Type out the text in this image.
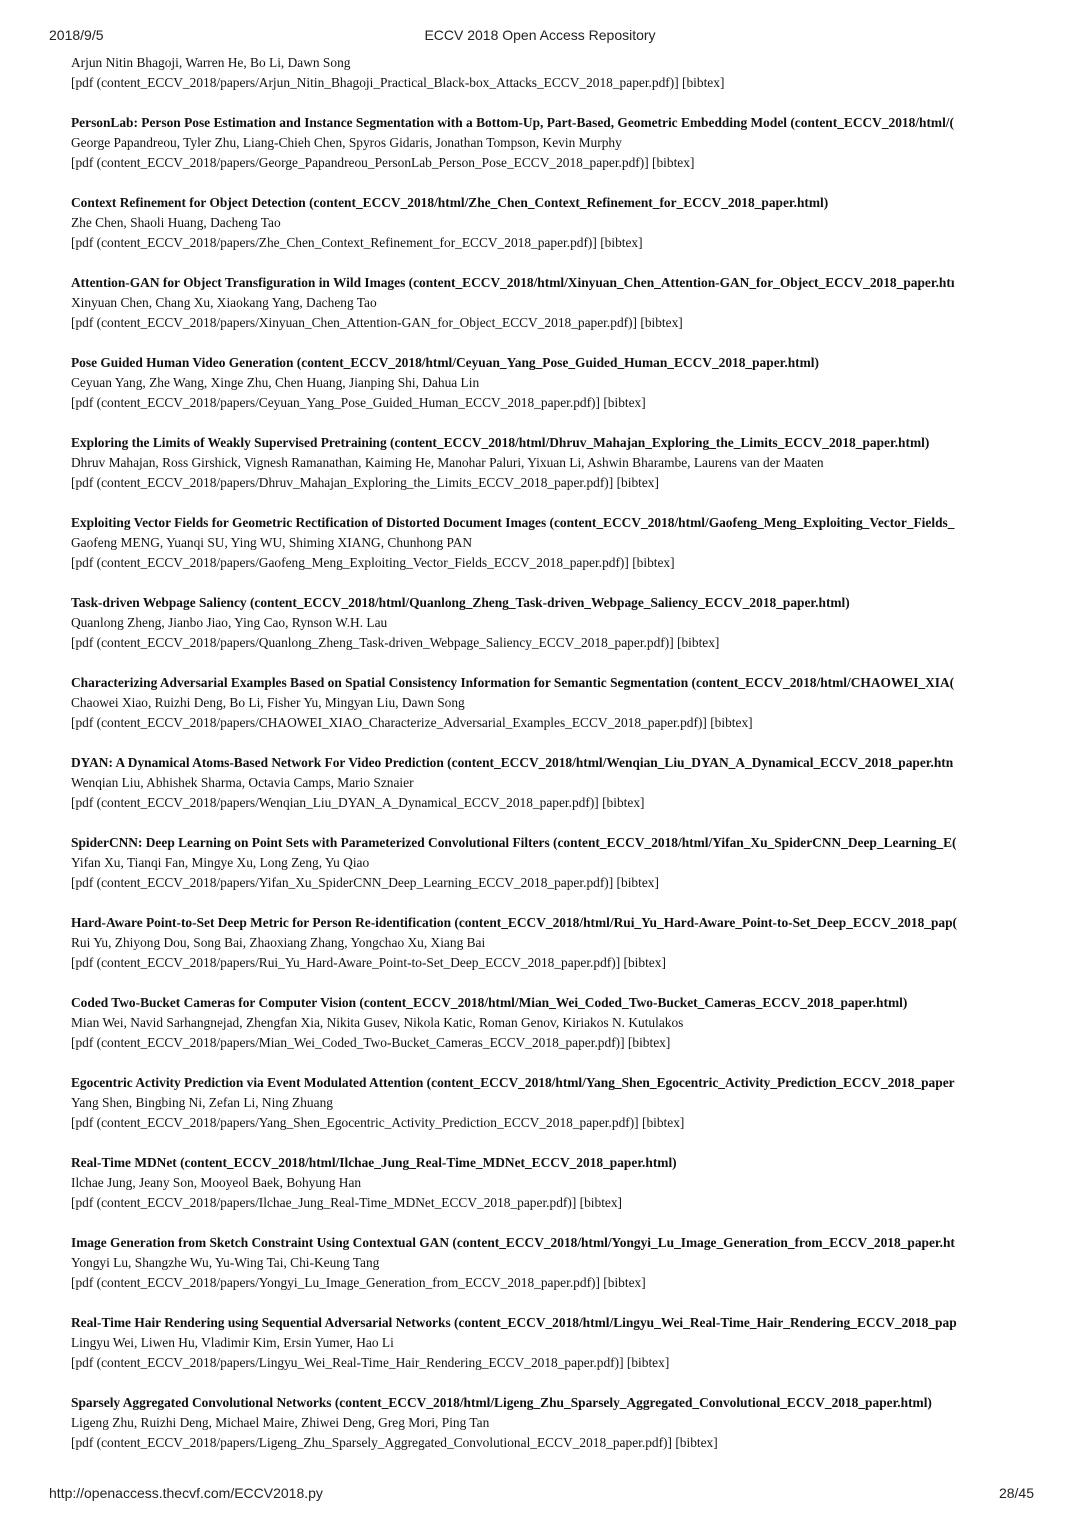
2018/9/5	ECCV 2018 Open Access Repository
Arjun Nitin Bhagoji, Warren He, Bo Li, Dawn Song
[pdf (content_ECCV_2018/papers/Arjun_Nitin_Bhagoji_Practical_Black-box_Attacks_ECCV_2018_paper.pdf)] [bibtex]
PersonLab: Person Pose Estimation and Instance Segmentation with a Bottom-Up, Part-Based, Geometric Embedding Model (content_ECCV_2018/html/(
George Papandreou, Tyler Zhu, Liang-Chieh Chen, Spyros Gidaris, Jonathan Tompson, Kevin Murphy
[pdf (content_ECCV_2018/papers/George_Papandreou_PersonLab_Person_Pose_ECCV_2018_paper.pdf)] [bibtex]
Context Refinement for Object Detection (content_ECCV_2018/html/Zhe_Chen_Context_Refinement_for_ECCV_2018_paper.html)
Zhe Chen, Shaoli Huang, Dacheng Tao
[pdf (content_ECCV_2018/papers/Zhe_Chen_Context_Refinement_for_ECCV_2018_paper.pdf)] [bibtex]
Attention-GAN for Object Transfiguration in Wild Images (content_ECCV_2018/html/Xinyuan_Chen_Attention-GAN_for_Object_ECCV_2018_paper.htı
Xinyuan Chen, Chang Xu, Xiaokang Yang, Dacheng Tao
[pdf (content_ECCV_2018/papers/Xinyuan_Chen_Attention-GAN_for_Object_ECCV_2018_paper.pdf)] [bibtex]
Pose Guided Human Video Generation (content_ECCV_2018/html/Ceyuan_Yang_Pose_Guided_Human_ECCV_2018_paper.html)
Ceyuan Yang, Zhe Wang, Xinge Zhu, Chen Huang, Jianping Shi, Dahua Lin
[pdf (content_ECCV_2018/papers/Ceyuan_Yang_Pose_Guided_Human_ECCV_2018_paper.pdf)] [bibtex]
Exploring the Limits of Weakly Supervised Pretraining (content_ECCV_2018/html/Dhruv_Mahajan_Exploring_the_Limits_ECCV_2018_paper.html)
Dhruv Mahajan, Ross Girshick, Vignesh Ramanathan, Kaiming He, Manohar Paluri, Yixuan Li, Ashwin Bharambe, Laurens van der Maaten
[pdf (content_ECCV_2018/papers/Dhruv_Mahajan_Exploring_the_Limits_ECCV_2018_paper.pdf)] [bibtex]
Exploiting Vector Fields for Geometric Rectification of Distorted Document Images (content_ECCV_2018/html/Gaofeng_Meng_Exploiting_Vector_Fields_
Gaofeng MENG, Yuanqi SU, Ying WU, Shiming XIANG, Chunhong PAN
[pdf (content_ECCV_2018/papers/Gaofeng_Meng_Exploiting_Vector_Fields_ECCV_2018_paper.pdf)] [bibtex]
Task-driven Webpage Saliency (content_ECCV_2018/html/Quanlong_Zheng_Task-driven_Webpage_Saliency_ECCV_2018_paper.html)
Quanlong Zheng, Jianbo Jiao, Ying Cao, Rynson W.H. Lau
[pdf (content_ECCV_2018/papers/Quanlong_Zheng_Task-driven_Webpage_Saliency_ECCV_2018_paper.pdf)] [bibtex]
Characterizing Adversarial Examples Based on Spatial Consistency Information for Semantic Segmentation (content_ECCV_2018/html/CHAOWEI_XIA(
Chaowei Xiao, Ruizhi Deng, Bo Li, Fisher Yu, Mingyan Liu, Dawn Song
[pdf (content_ECCV_2018/papers/CHAOWEI_XIAO_Characterize_Adversarial_Examples_ECCV_2018_paper.pdf)] [bibtex]
DYAN: A Dynamical Atoms-Based Network For Video Prediction (content_ECCV_2018/html/Wenqian_Liu_DYAN_A_Dynamical_ECCV_2018_paper.htn
Wenqian Liu, Abhishek Sharma, Octavia Camps, Mario Sznaier
[pdf (content_ECCV_2018/papers/Wenqian_Liu_DYAN_A_Dynamical_ECCV_2018_paper.pdf)] [bibtex]
SpiderCNN: Deep Learning on Point Sets with Parameterized Convolutional Filters (content_ECCV_2018/html/Yifan_Xu_SpiderCNN_Deep_Learning_E(
Yifan Xu, Tianqi Fan, Mingye Xu, Long Zeng, Yu Qiao
[pdf (content_ECCV_2018/papers/Yifan_Xu_SpiderCNN_Deep_Learning_ECCV_2018_paper.pdf)] [bibtex]
Hard-Aware Point-to-Set Deep Metric for Person Re-identification (content_ECCV_2018/html/Rui_Yu_Hard-Aware_Point-to-Set_Deep_ECCV_2018_pap(
Rui Yu, Zhiyong Dou, Song Bai, Zhaoxiang Zhang, Yongchao Xu, Xiang Bai
[pdf (content_ECCV_2018/papers/Rui_Yu_Hard-Aware_Point-to-Set_Deep_ECCV_2018_paper.pdf)] [bibtex]
Coded Two-Bucket Cameras for Computer Vision (content_ECCV_2018/html/Mian_Wei_Coded_Two-Bucket_Cameras_ECCV_2018_paper.html)
Mian Wei, Navid Sarhangnejad, Zhengfan Xia, Nikita Gusev, Nikola Katic, Roman Genov, Kiriakos N. Kutulakos
[pdf (content_ECCV_2018/papers/Mian_Wei_Coded_Two-Bucket_Cameras_ECCV_2018_paper.pdf)] [bibtex]
Egocentric Activity Prediction via Event Modulated Attention (content_ECCV_2018/html/Yang_Shen_Egocentric_Activity_Prediction_ECCV_2018_paper
Yang Shen, Bingbing Ni, Zefan Li, Ning Zhuang
[pdf (content_ECCV_2018/papers/Yang_Shen_Egocentric_Activity_Prediction_ECCV_2018_paper.pdf)] [bibtex]
Real-Time MDNet (content_ECCV_2018/html/Ilchae_Jung_Real-Time_MDNet_ECCV_2018_paper.html)
Ilchae Jung, Jeany Son, Mooyeol Baek, Bohyung Han
[pdf (content_ECCV_2018/papers/Ilchae_Jung_Real-Time_MDNet_ECCV_2018_paper.pdf)] [bibtex]
Image Generation from Sketch Constraint Using Contextual GAN (content_ECCV_2018/html/Yongyi_Lu_Image_Generation_from_ECCV_2018_paper.ht
Yongyi Lu, Shangzhe Wu, Yu-Wing Tai, Chi-Keung Tang
[pdf (content_ECCV_2018/papers/Yongyi_Lu_Image_Generation_from_ECCV_2018_paper.pdf)] [bibtex]
Real-Time Hair Rendering using Sequential Adversarial Networks (content_ECCV_2018/html/Lingyu_Wei_Real-Time_Hair_Rendering_ECCV_2018_pap
Lingyu Wei, Liwen Hu, Vladimir Kim, Ersin Yumer, Hao Li
[pdf (content_ECCV_2018/papers/Lingyu_Wei_Real-Time_Hair_Rendering_ECCV_2018_paper.pdf)] [bibtex]
Sparsely Aggregated Convolutional Networks (content_ECCV_2018/html/Ligeng_Zhu_Sparsely_Aggregated_Convolutional_ECCV_2018_paper.html)
Ligeng Zhu, Ruizhi Deng, Michael Maire, Zhiwei Deng, Greg Mori, Ping Tan
[pdf (content_ECCV_2018/papers/Ligeng_Zhu_Sparsely_Aggregated_Convolutional_ECCV_2018_paper.pdf)] [bibtex]
http://openaccess.thecvf.com/ECCV2018.py	28/45
